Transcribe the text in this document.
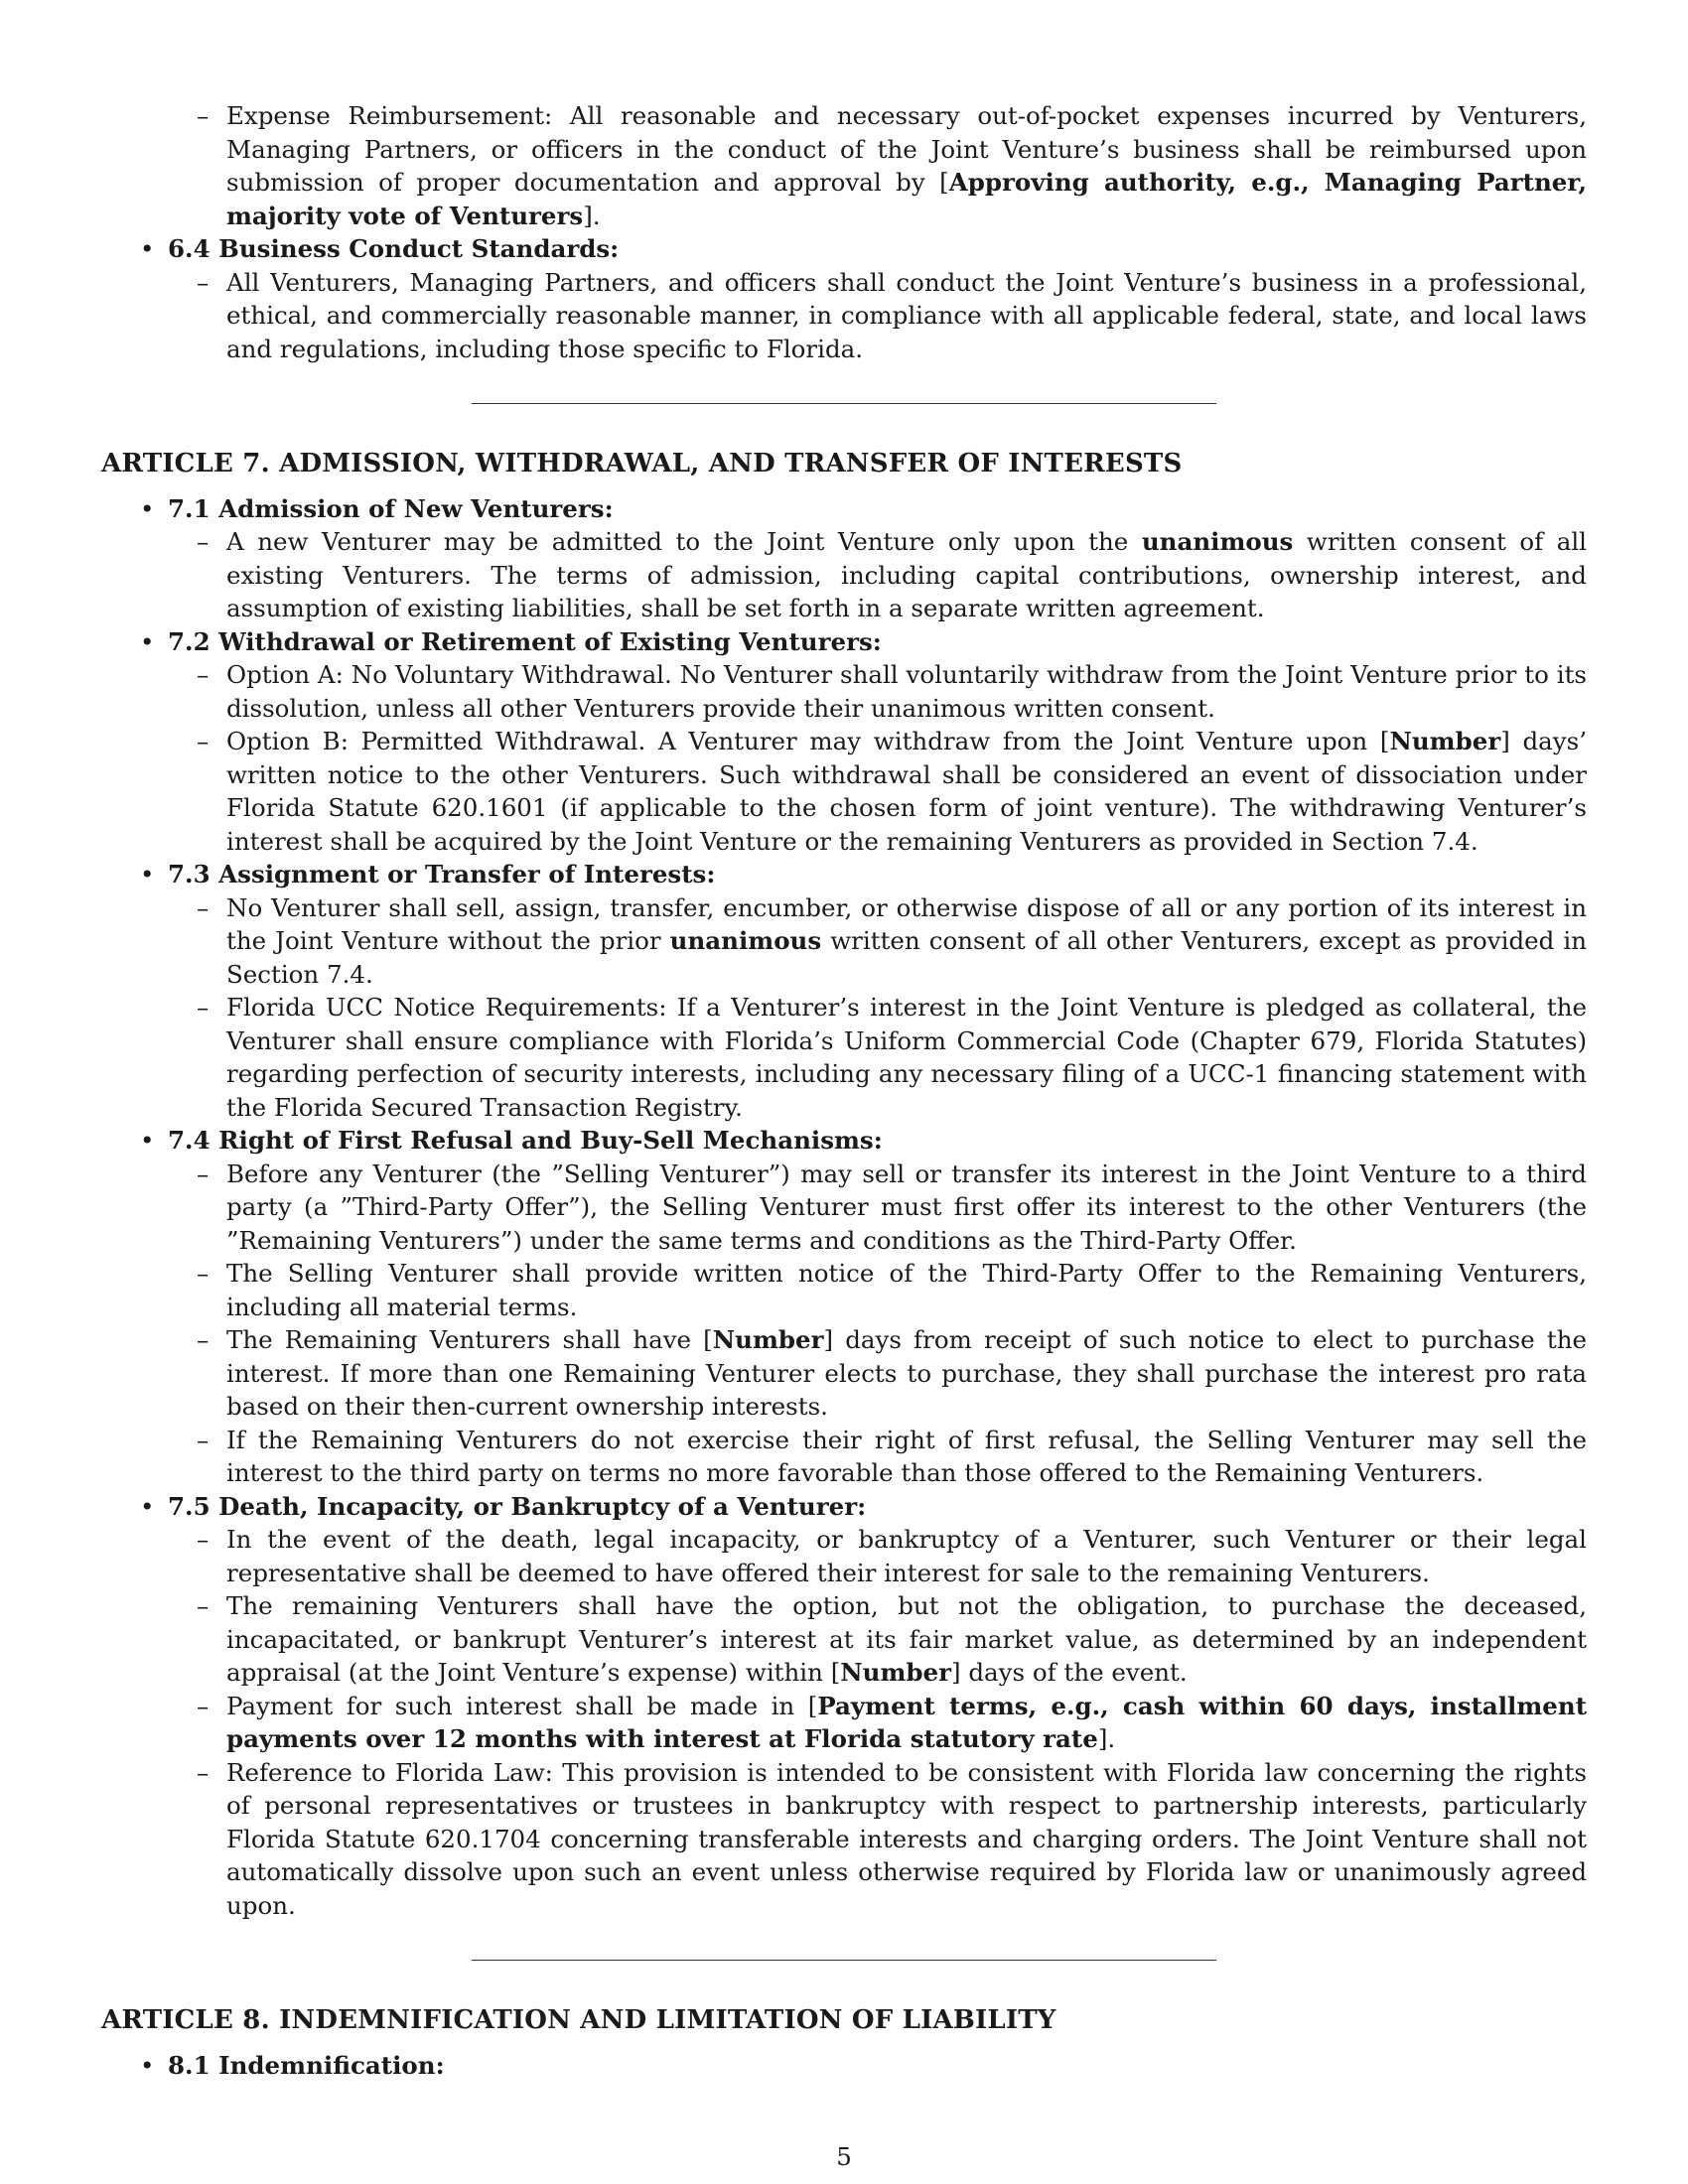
– Expense Reimbursement: All reasonable and necessary out-of-pocket expenses incurred by Venturers, Managing Partners, or officers in the conduct of the Joint Venture’s business shall be reimbursed upon submission of proper documentation and approval by [Approving authority, e.g., Managing Partner, majority vote of Venturers].
• 6.4 Business Conduct Standards:
– All Venturers, Managing Partners, and officers shall conduct the Joint Venture’s business in a professional, ethical, and commercially reasonable manner, in compliance with all applicable federal, state, and local laws and regulations, including those specific to Florida.
ARTICLE 7. ADMISSION, WITHDRAWAL, AND TRANSFER OF INTERESTS
• 7.1 Admission of New Venturers:
– A new Venturer may be admitted to the Joint Venture only upon the unanimous written consent of all existing Venturers. The terms of admission, including capital contributions, ownership interest, and assumption of existing liabilities, shall be set forth in a separate written agreement.
• 7.2 Withdrawal or Retirement of Existing Venturers:
– Option A: No Voluntary Withdrawal. No Venturer shall voluntarily withdraw from the Joint Venture prior to its dissolution, unless all other Venturers provide their unanimous written consent.
– Option B: Permitted Withdrawal. A Venturer may withdraw from the Joint Venture upon [Number] days’ written notice to the other Venturers. Such withdrawal shall be considered an event of dissociation under Florida Statute 620.1601 (if applicable to the chosen form of joint venture). The withdrawing Venturer’s interest shall be acquired by the Joint Venture or the remaining Venturers as provided in Section 7.4.
• 7.3 Assignment or Transfer of Interests:
– No Venturer shall sell, assign, transfer, encumber, or otherwise dispose of all or any portion of its interest in the Joint Venture without the prior unanimous written consent of all other Venturers, except as provided in Section 7.4.
– Florida UCC Notice Requirements: If a Venturer’s interest in the Joint Venture is pledged as collateral, the Venturer shall ensure compliance with Florida’s Uniform Commercial Code (Chapter 679, Florida Statutes) regarding perfection of security interests, including any necessary filing of a UCC-1 financing statement with the Florida Secured Transaction Registry.
• 7.4 Right of First Refusal and Buy-Sell Mechanisms:
– Before any Venturer (the ”Selling Venturer”) may sell or transfer its interest in the Joint Venture to a third party (a ”Third-Party Offer”), the Selling Venturer must first offer its interest to the other Venturers (the ”Remaining Venturers”) under the same terms and conditions as the Third-Party Offer.
– The Selling Venturer shall provide written notice of the Third-Party Offer to the Remaining Venturers, including all material terms.
– The Remaining Venturers shall have [Number] days from receipt of such notice to elect to purchase the interest. If more than one Remaining Venturer elects to purchase, they shall purchase the interest pro rata based on their then-current ownership interests.
– If the Remaining Venturers do not exercise their right of first refusal, the Selling Venturer may sell the interest to the third party on terms no more favorable than those offered to the Remaining Venturers.
• 7.5 Death, Incapacity, or Bankruptcy of a Venturer:
– In the event of the death, legal incapacity, or bankruptcy of a Venturer, such Venturer or their legal representative shall be deemed to have offered their interest for sale to the remaining Venturers.
– The remaining Venturers shall have the option, but not the obligation, to purchase the deceased, incapacitated, or bankrupt Venturer’s interest at its fair market value, as determined by an independent appraisal (at the Joint Venture’s expense) within [Number] days of the event.
– Payment for such interest shall be made in [Payment terms, e.g., cash within 60 days, installment payments over 12 months with interest at Florida statutory rate].
– Reference to Florida Law: This provision is intended to be consistent with Florida law concerning the rights of personal representatives or trustees in bankruptcy with respect to partnership interests, particularly Florida Statute 620.1704 concerning transferable interests and charging orders. The Joint Venture shall not automatically dissolve upon such an event unless otherwise required by Florida law or unanimously agreed upon.
ARTICLE 8. INDEMNIFICATION AND LIMITATION OF LIABILITY
• 8.1 Indemnification:
5
